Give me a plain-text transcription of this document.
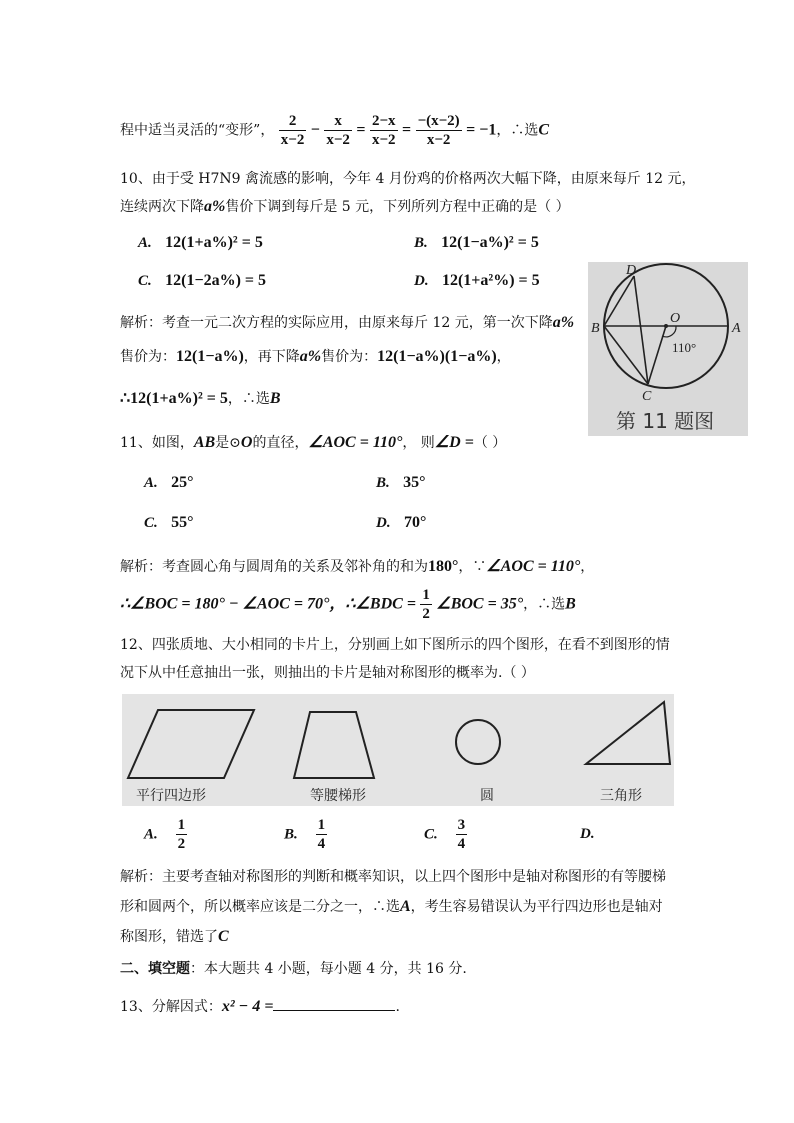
程中适当灵活的“变形”， $\frac{2}{x-2} - \frac{x}{x-2} = \frac{2-x}{x-2} = \frac{-(x-2)}{x-2} = -1$，∴选C
10、由于受 H7N9 禽流感的影响，今年 4 月份鸡的价格两次大幅下降，由原来每斤 12 元，
连续两次下降a%售价下调到每斤是 5 元，下列所列方程中正确的是（ ）
A. 12(1+a%)² = 5	B. 12(1−a%)² = 5
C. 12(1−2a%) = 5	D. 12(1+a²%) = 5
解析：考查一元二次方程的实际应用，由原来每斤 12 元，第一次下降a%
售价为：12(1−a%)，再下降a%售价为：12(1−a%)(1−a%)，
∴12(1+a%)² = 5，∴选B
D
O
B	A
C
110°
第 11 题图
11、如图，AB是⊙O的直径，∠AOC = 110°， 则∠D =（ ）
A. 25°	B. 35°
C. 55°	D. 70°
解析：考查圆心角与圆周角的关系及邻补角的和为180°，∵∠AOC = 110°，
∴∠BOC = 180° − ∠AOC = 70°，∴∠BDC = $\frac{1}{2}$ ∠BOC = 35°，∴选B
12、四张质地、大小相同的卡片上，分别画上如下图所示的四个图形，在看不到图形的情
况下从中任意抽出一张，则抽出的卡片是轴对称图形的概率为.（ ）
平行四边形	等腰梯形	圆	三角形
A. $\frac{1}{2}$	B. $\frac{1}{4}$	C. $\frac{3}{4}$	D.
解析：主要考查轴对称图形的判断和概率知识，以上四个图形中是轴对称图形的有等腰梯
形和圆两个，所以概率应该是二分之一，∴选A，考生容易错误认为平行四边形也是轴对
称图形，错选了C
二、填空题：本大题共 4 小题，每小题 4 分，共 16 分.
13、分解因式：x² − 4 =	.
